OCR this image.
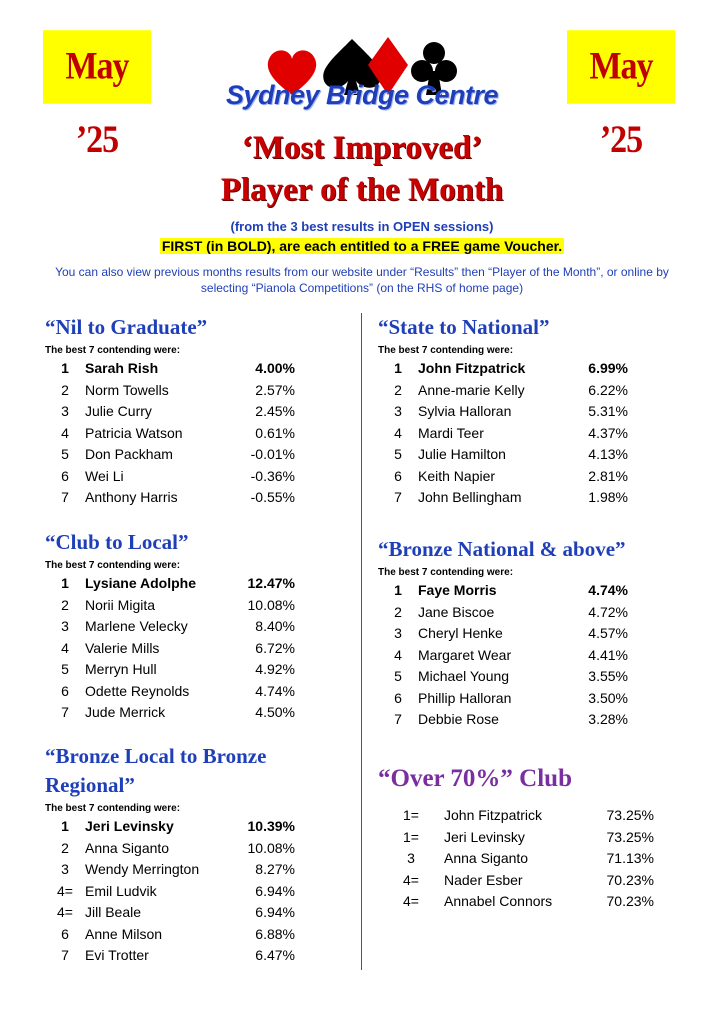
May ’25
May ’25
Sydney Bridge Centre
‘Most Improved’
Player of the Month
(from the 3 best results in OPEN sessions)
FIRST (in BOLD), are each entitled to a FREE game Voucher.
You can also view previous months results from our website under “Results” then “Player of the Month”, or online by selecting “Pianola Competitions” (on the RHS of home page)
“Nil to Graduate”
The best 7 contending were:
1	Sarah Rish	4.00%
2	Norm Towells	2.57%
3	Julie Curry	2.45%
4	Patricia Watson	0.61%
5	Don Packham	-0.01%
6	Wei Li	-0.36%
7	Anthony Harris	-0.55%
“Club to Local”
The best 7 contending were:
1	Lysiane Adolphe	12.47%
2	Norii Migita	10.08%
3	Marlene Velecky	8.40%
4	Valerie Mills	6.72%
5	Merryn Hull	4.92%
6	Odette Reynolds	4.74%
7	Jude Merrick	4.50%
“Bronze Local to Bronze Regional”
The best 7 contending were:
1	Jeri Levinsky	10.39%
2	Anna Siganto	10.08%
3	Wendy Merrington	8.27%
4= Emil Ludvik	6.94%
4= Jill Beale	6.94%
6	Anne Milson	6.88%
7	Evi Trotter	6.47%
“State to National”
The best 7 contending were:
1	John Fitzpatrick	6.99%
2	Anne-marie Kelly	6.22%
3	Sylvia Halloran	5.31%
4	Mardi Teer	4.37%
5	Julie Hamilton	4.13%
6	Keith Napier	2.81%
7	John Bellingham	1.98%
“Bronze National & above”
The best 7 contending were:
1	Faye Morris	4.74%
2	Jane Biscoe	4.72%
3	Cheryl Henke	4.57%
4	Margaret Wear	4.41%
5	Michael Young	3.55%
6	Phillip Halloran	3.50%
7	Debbie Rose	3.28%
“Over 70%” Club
1=	John Fitzpatrick	73.25%
1=	Jeri Levinsky	73.25%
3	Anna Siganto	71.13%
4=	Nader Esber	70.23%
4=	Annabel Connors	70.23%
